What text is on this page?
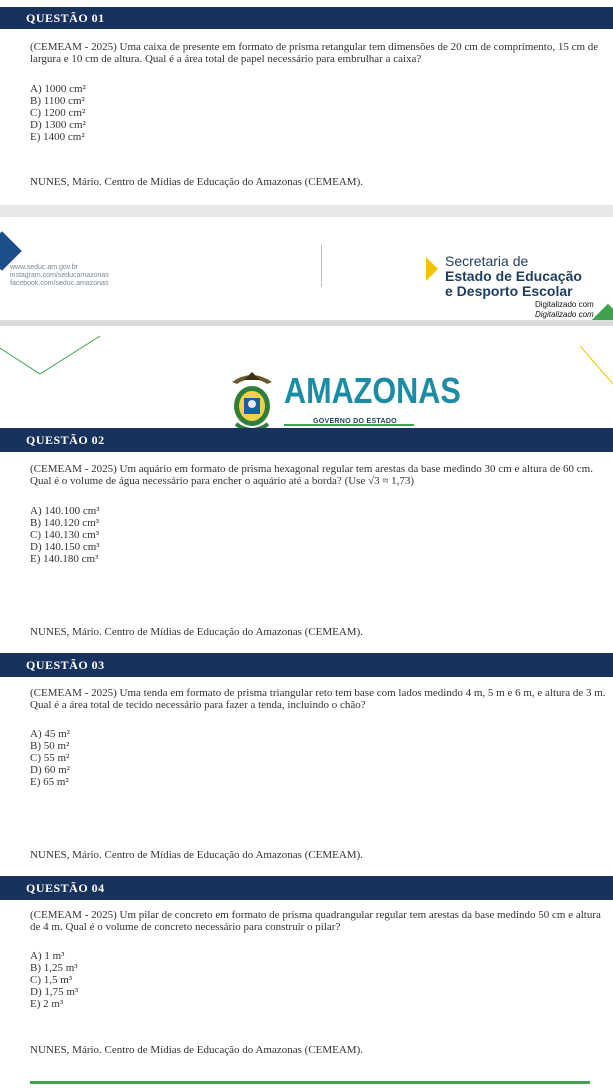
QUESTÃO 01
(CEMEAM - 2025) Uma caixa de presente em formato de prisma retangular tem dimensões de 20 cm de comprimento, 15 cm de largura e 10 cm de altura. Qual é a área total de papel necessário para embrulhar a caixa?
A) 1000 cm²
B) 1100 cm²
C) 1200 cm²
D) 1300 cm²
E) 1400 cm²
NUNES, Mário. Centro de Mídias de Educação do Amazonas (CEMEAM).
www.seduc.am.gov.br
instagram.com/seducamazonas
facebook.com/seduc.amazonas
Secretaria de
Estado de Educação
e Desporto Escolar
Digitalizado com
Digitalizado com
AMAZONAS
GOVERNO DO ESTADO
QUESTÃO 02
(CEMEAM - 2025) Um aquário em formato de prisma hexagonal regular tem arestas da base medindo 30 cm e altura de 60 cm. Qual é o volume de água necessário para encher o aquário até a borda? (Use √3 ≈ 1,73)
A) 140.100 cm³
B) 140.120 cm³
C) 140.130 cm³
D) 140.150 cm³
E) 140.180 cm³
NUNES, Mário. Centro de Mídias de Educação do Amazonas (CEMEAM).
QUESTÃO 03
(CEMEAM - 2025) Uma tenda em formato de prisma triangular reto tem base com lados medindo 4 m, 5 m e 6 m, e altura de 3 m. Qual é a área total de tecido necessário para fazer a tenda, incluindo o chão?
A) 45 m²
B) 50 m²
C) 55 m²
D) 60 m²
E) 65 m²
NUNES, Mário. Centro de Mídias de Educação do Amazonas (CEMEAM).
QUESTÃO 04
(CEMEAM - 2025) Um pilar de concreto em formato de prisma quadrangular regular tem arestas da base medindo 50 cm e altura de 4 m. Qual é o volume de concreto necessário para construir o pilar?
A) 1 m³
B) 1,25 m³
C) 1,5 m³
D) 1,75 m³
E) 2 m³
NUNES, Mário. Centro de Mídias de Educação do Amazonas (CEMEAM).
